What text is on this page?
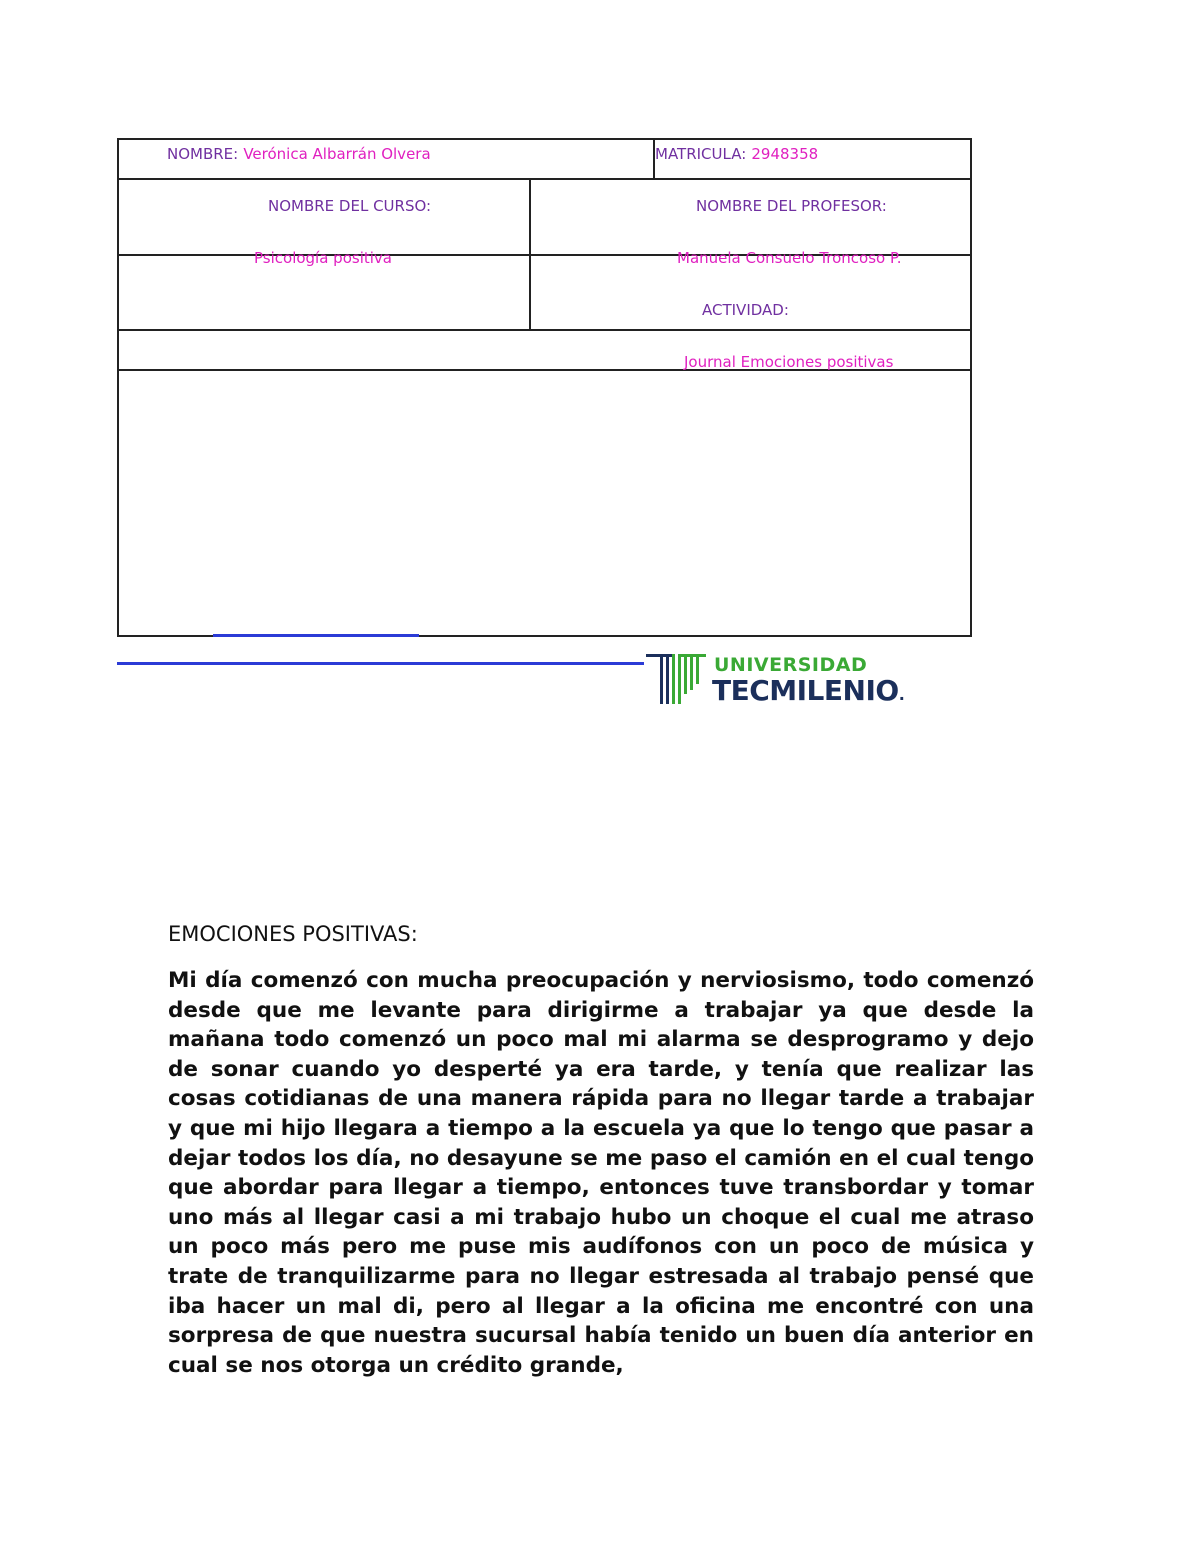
NOMBRE: Verónica Albarrán Olvera	MATRICULA: 2948358
NOMBRE DEL CURSO:	NOMBRE DEL PROFESOR:
Psicología positiva	Manuela Consuelo Troncoso P.
ACTIVIDAD:
Journal Emociones positivas
UNIVERSIDAD
TECMILENIO.
EMOCIONES POSITIVAS:
Mi día comenzó con mucha preocupación y nerviosismo, todo comenzó desde que me levante para dirigirme a trabajar ya que desde la mañana todo comenzó un poco mal mi alarma se desprogramo y dejo de sonar cuando yo desperté ya era tarde, y tenía que realizar las cosas cotidianas de una manera rápida para no llegar tarde a trabajar y que mi hijo llegara a tiempo a la escuela ya que lo tengo que pasar a dejar todos los día, no desayune se me paso el camión en el cual tengo que abordar para llegar a tiempo, entonces tuve transbordar y tomar uno más al llegar casi a mi trabajo hubo un choque el cual me atraso un poco más pero me puse mis audífonos con un poco de música y trate de tranquilizarme para no llegar estresada al trabajo pensé que iba hacer un mal di, pero al llegar a la oficina me encontré con una sorpresa de que nuestra sucursal había tenido un buen día anterior en cual se nos otorga un crédito grande,
